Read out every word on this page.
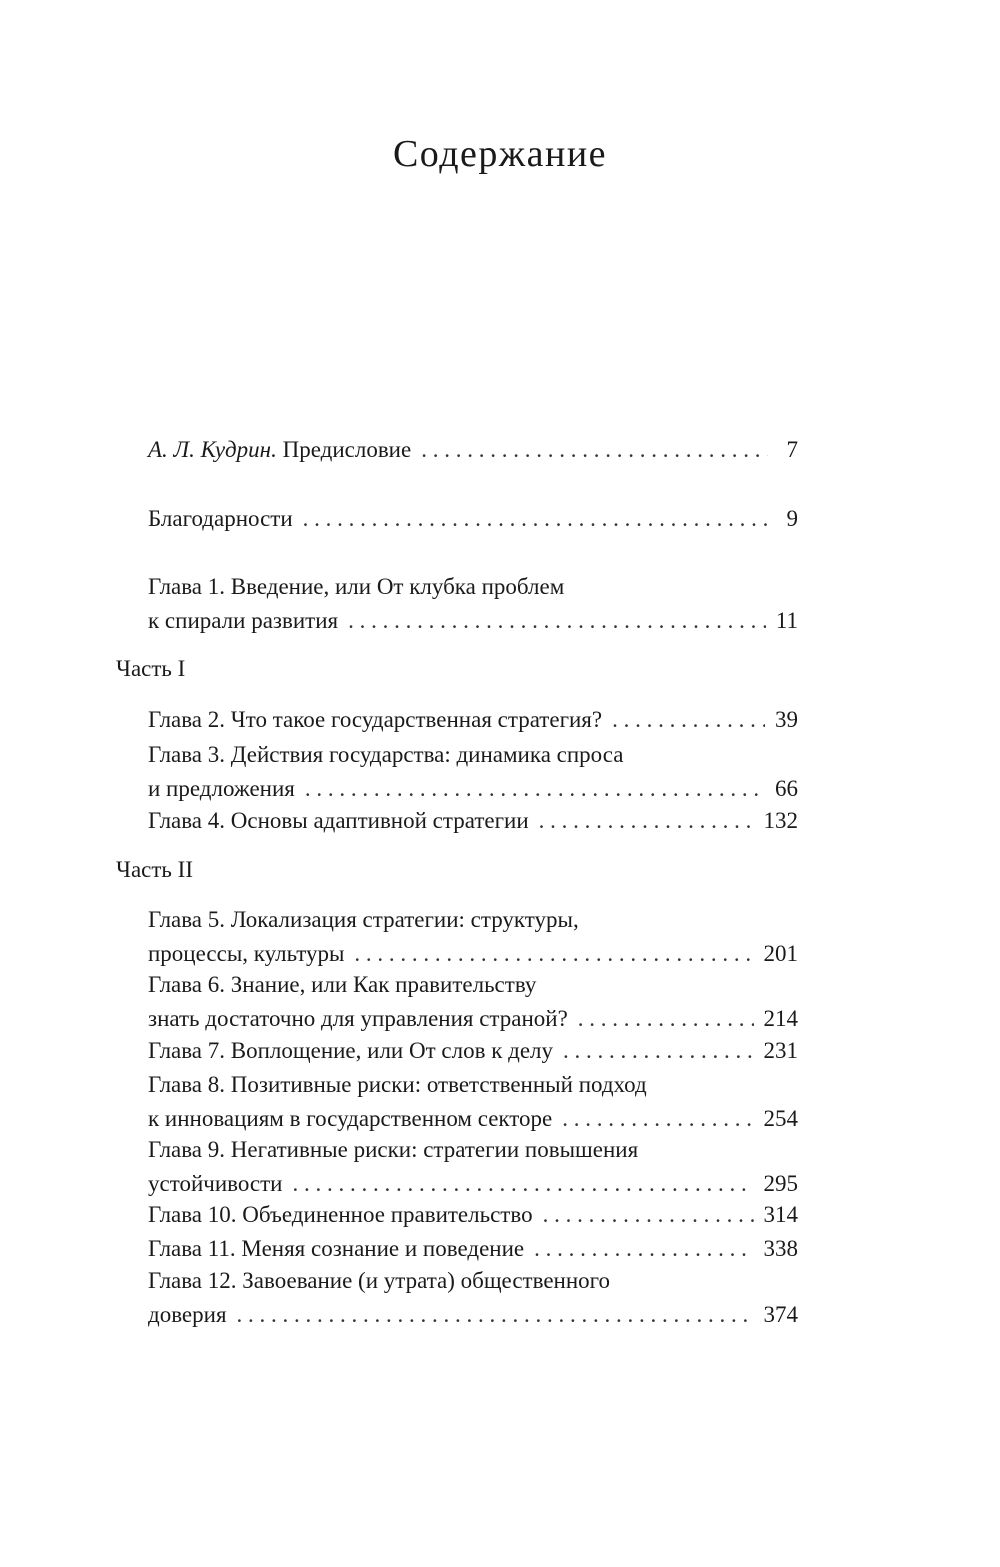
Содержание
А. Л. Кудрин. Предисловие . . .	7
Благодарности . . .	9
Глава 1. Введение, или От клубка проблем
к спирали развития . . .	11
Часть I
Глава 2. Что такое государственная стратегия? . . .	39
Глава 3. Действия государства: динамика спроса
и предложения . . .	66
Глава 4. Основы адаптивной стратегии . . .	132
Часть II
Глава 5. Локализация стратегии: структуры,
процессы, культуры . . .	201
Глава 6. Знание, или Как правительству
знать достаточно для управления страной? . . .	214
Глава 7. Воплощение, или От слов к делу . . .	231
Глава 8. Позитивные риски: ответственный подход
к инновациям в государственном секторе . . .	254
Глава 9. Негативные риски: стратегии повышения
устойчивости . . .	295
Глава 10. Объединенное правительство . . .	314
Глава 11. Меняя сознание и поведение . . .	338
Глава 12. Завоевание (и утрата) общественного
доверия . . .	374
